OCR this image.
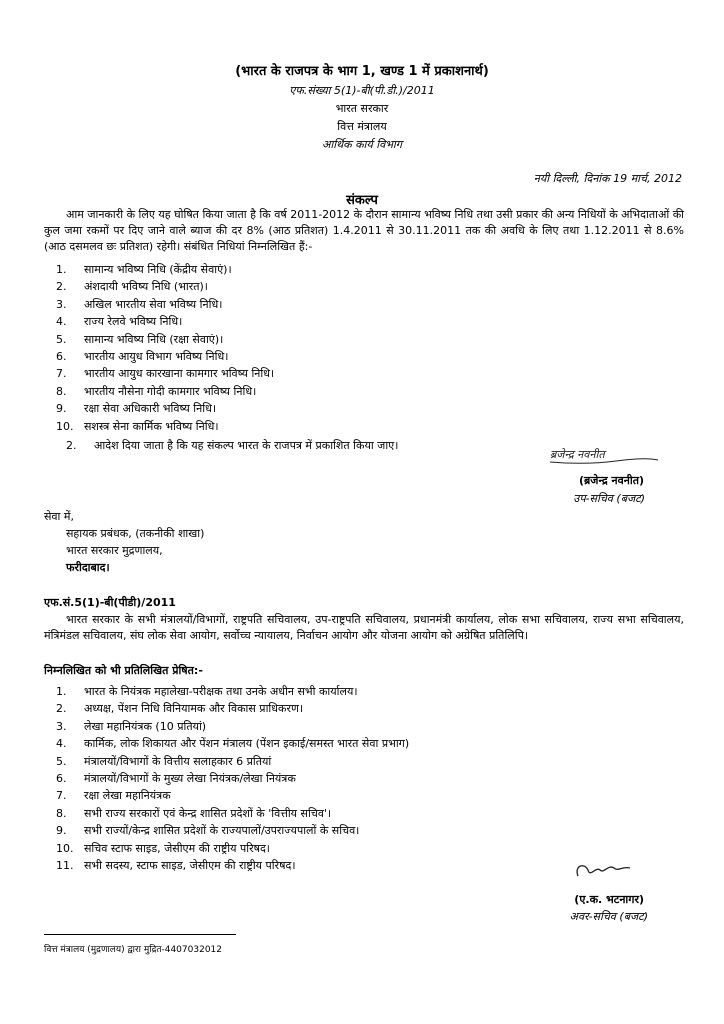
(भारत के राजपत्र के भाग 1, खण्ड 1 में प्रकाशनार्थ)
एफ.संख्या 5(1)-बी(पी.डी.)/2011
भारत सरकार
वित्त मंत्रालय
आर्थिक कार्य विभाग
नयी दिल्ली, दिनांक 19 मार्च, 2012
संकल्प
आम जानकारी के लिए यह घोषित किया जाता है कि वर्ष 2011-2012 के दौरान सामान्य भविष्य निधि तथा उसी प्रकार की अन्य निधियों के अभिदाताओं की कुल जमा रकमों पर दिए जाने वाले ब्याज की दर 8% (आठ प्रतिशत) 1.4.2011 से 30.11.2011 तक की अवधि के लिए तथा 1.12.2011 से 8.6% (आठ दसमलव छः प्रतिशत) रहेगी। संबंधित निधियां निम्नलिखित हैं:-
1. सामान्य भविष्य निधि (केंद्रीय सेवाएं)।
2. अंशदायी भविष्य निधि (भारत)।
3. अखिल भारतीय सेवा भविष्य निधि।
4. राज्य रेलवे भविष्य निधि।
5. सामान्य भविष्य निधि (रक्षा सेवाएं)।
6. भारतीय आयुध विभाग भविष्य निधि।
7. भारतीय आयुध कारखाना कामगार भविष्य निधि।
8. भारतीय नौसेना गोदी कामगार भविष्य निधि।
9. रक्षा सेवा अधिकारी भविष्य निधि।
10. सशस्त्र सेना कार्मिक भविष्य निधि।
2. आदेश दिया जाता है कि यह संकल्प भारत के राजपत्र में प्रकाशित किया जाए।
ब्रजेन्द्र नवनीत
(ब्रजेन्द्र नवनीत)
उप-सचिव (बजट)
सेवा में,
सहायक प्रबंधक, (तकनीकी शाखा)
भारत सरकार मुद्रणालय,
फरीदाबाद।
एफ.सं.5(1)-बी(पीडी)/2011
भारत सरकार के सभी मंत्रालयों/विभागों, राष्ट्रपति सचिवालय, उप-राष्ट्रपति सचिवालय, प्रधानमंत्री कार्यालय, लोक सभा सचिवालय, राज्य सभा सचिवालय, मंत्रिमंडल सचिवालय, संघ लोक सेवा आयोग, सर्वोच्च न्यायालय, निर्वाचन आयोग और योजना आयोग को अग्रेषित प्रतिलिपि।
निम्नलिखित को भी प्रतिलिखित प्रेषित:-
1. भारत के नियंत्रक महालेखा-परीक्षक तथा उनके अधीन सभी कार्यालय।
2. अध्यक्ष, पेंशन निधि विनियामक और विकास प्राधिकरण।
3. लेखा महानियंत्रक (10 प्रतियां)
4. कार्मिक, लोक शिकायत और पेंशन मंत्रालय (पेंशन इकाई/समस्त भारत सेवा प्रभाग)
5. मंत्रालयों/विभागों के वित्तीय सलाहकार 6 प्रतियां
6. मंत्रालयों/विभागों के मुख्य लेखा नियंत्रक/लेखा नियंत्रक
7. रक्षा लेखा महानियंत्रक
8. सभी राज्य सरकारों एवं केन्द्र शासित प्रदेशों के 'वित्तीय सचिव'।
9. सभी राज्यों/केन्द्र शासित प्रदेशों के राज्यपालों/उपराज्यपालों के सचिव।
10. सचिव स्टाफ साइड, जेसीएम की राष्ट्रीय परिषद।
11. सभी सदस्य, स्टाफ साइड, जेसीएम की राष्ट्रीय परिषद।
(ए.क. भटनागर)
अवर-सचिव (बजट)
वित्त मंत्रालय (मुद्रणालय) द्वारा मुद्रित-4407032012
